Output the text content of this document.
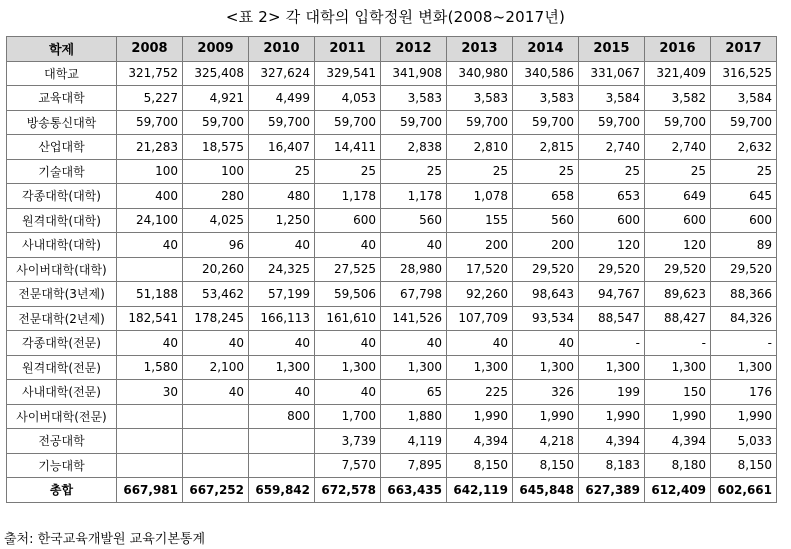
<표 2> 각 대학의 입학정원 변화(2008~2017년)
학제	2008	2009	2010	2011	2012	2013	2014	2015	2016	2017
대학교	321,752	325,408	327,624	329,541	341,908	340,980	340,586	331,067	321,409	316,525
교육대학	5,227	4,921	4,499	4,053	3,583	3,583	3,583	3,584	3,582	3,584
방송통신대학	59,700	59,700	59,700	59,700	59,700	59,700	59,700	59,700	59,700	59,700
산업대학	21,283	18,575	16,407	14,411	2,838	2,810	2,815	2,740	2,740	2,632
기술대학	100	100	25	25	25	25	25	25	25	25
각종대학(대학)	400	280	480	1,178	1,178	1,078	658	653	649	645
원격대학(대학)	24,100	4,025	1,250	600	560	155	560	600	600	600
사내대학(대학)	40	96	40	40	40	200	200	120	120	89
사이버대학(대학)		20,260	24,325	27,525	28,980	17,520	29,520	29,520	29,520	29,520
전문대학(3년제)	51,188	53,462	57,199	59,506	67,798	92,260	98,643	94,767	89,623	88,366
전문대학(2년제)	182,541	178,245	166,113	161,610	141,526	107,709	93,534	88,547	88,427	84,326
각종대학(전문)	40	40	40	40	40	40	40	-	-	-
원격대학(전문)	1,580	2,100	1,300	1,300	1,300	1,300	1,300	1,300	1,300	1,300
사내대학(전문)	30	40	40	40	65	225	326	199	150	176
사이버대학(전문)			800	1,700	1,880	1,990	1,990	1,990	1,990	1,990
전공대학				3,739	4,119	4,394	4,218	4,394	4,394	5,033
기능대학				7,570	7,895	8,150	8,150	8,183	8,180	8,150
총합	667,981	667,252	659,842	672,578	663,435	642,119	645,848	627,389	612,409	602,661
출처: 한국교육개발원 교육기본통계
